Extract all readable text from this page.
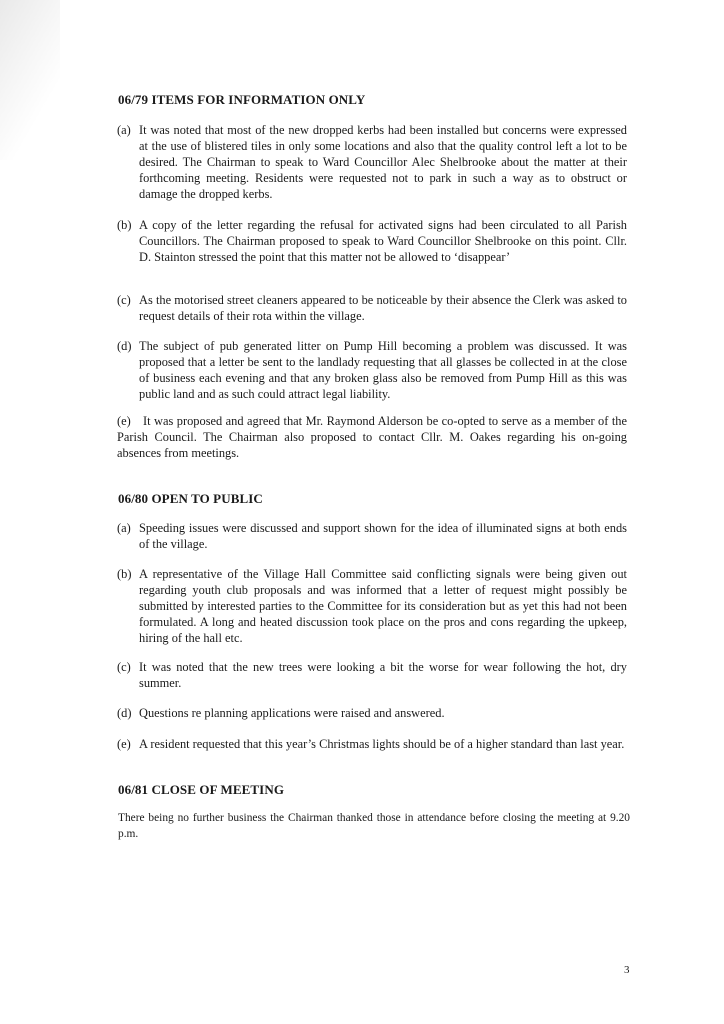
06/79 ITEMS FOR INFORMATION ONLY
(a) It was noted that most of the new dropped kerbs had been installed but concerns were expressed at the use of blistered tiles in only some locations and also that the quality control left a lot to be desired. The Chairman to speak to Ward Councillor Alec Shelbrooke about the matter at their forthcoming meeting. Residents were requested not to park in such a way as to obstruct or damage the dropped kerbs.
(b) A copy of the letter regarding the refusal for activated signs had been circulated to all Parish Councillors. The Chairman proposed to speak to Ward Councillor Shelbrooke on this point. Cllr. D. Stainton stressed the point that this matter not be allowed to ‘disappear’
(c) As the motorised street cleaners appeared to be noticeable by their absence the Clerk was asked to request details of their rota within the village.
(d) The subject of pub generated litter on Pump Hill becoming a problem was discussed. It was proposed that a letter be sent to the landlady requesting that all glasses be collected in at the close of business each evening and that any broken glass also be removed from Pump Hill as this was public land and as such could attract legal liability.
(e) It was proposed and agreed that Mr. Raymond Alderson be co-opted to serve as a member of the Parish Council. The Chairman also proposed to contact Cllr. M. Oakes regarding his on-going absences from meetings.
06/80 OPEN TO PUBLIC
(a) Speeding issues were discussed and support shown for the idea of illuminated signs at both ends of the village.
(b) A representative of the Village Hall Committee said conflicting signals were being given out regarding youth club proposals and was informed that a letter of request might possibly be submitted by interested parties to the Committee for its consideration but as yet this had not been formulated. A long and heated discussion took place on the pros and cons regarding the upkeep, hiring of the hall etc.
(c) It was noted that the new trees were looking a bit the worse for wear following the hot, dry summer.
(d) Questions re planning applications were raised and answered.
(e) A resident requested that this year’s Christmas lights should be of a higher standard than last year.
06/81 CLOSE OF MEETING
There being no further business the Chairman thanked those in attendance before closing the meeting at 9.20 p.m.
3
